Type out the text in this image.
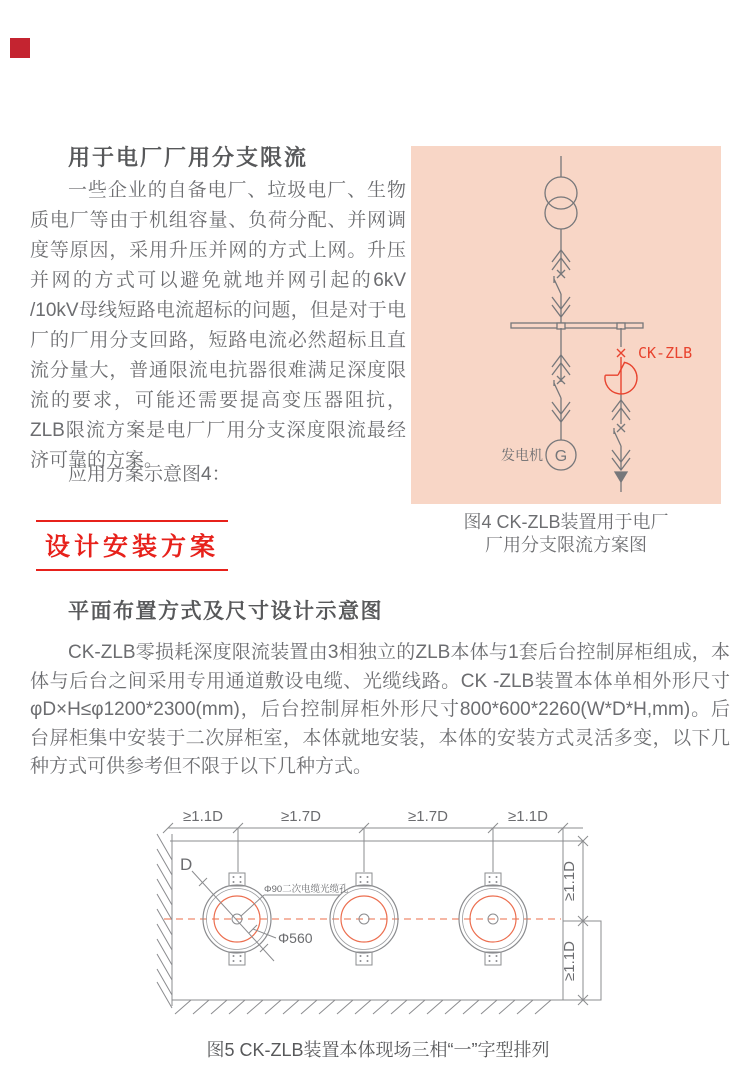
用于电厂厂用分支限流

一些企业的自备电厂、垃圾电厂、生物质电厂等由于机组容量、负荷分配、并网调度等原因，采用升压并网的方式上网。升压并网的方式可以避免就地并网引起的6kV /10kV母线短路电流超标的问题，但是对于电厂的厂用分支回路，短路电流必然超标且直流分量大，普通限流电抗器很难满足深度限流的要求，可能还需要提高变压器阻抗，ZLB限流方案是电厂厂用分支深度限流最经济可靠的方案。

应用方案示意图4：

CK-ZLB
G
发电机
图4 CK-ZLB装置用于电厂
厂用分支限流方案图
设计安装方案
平面布置方式及尺寸设计示意图

CK-ZLB零损耗深度限流装置由3相独立的ZLB本体与1套后台控制屏柜组成，本体与后台之间采用专用通道敷设电缆、光缆线路。CK -ZLB装置本体单相外形尺寸φD×H≤φ1200*2300(mm)，后台控制屏柜外形尺寸800*600*2260(W*D*H,mm)。后台屏柜集中安装于二次屏柜室，本体就地安装，本体的安装方式灵活多变，以下几种方式可供参考但不限于以下几种方式。

D
Φ90二次电缆光缆孔
Φ560
≥1.1D	≥1.7D	≥1.7D	≥1.1D
≥1.1D
≥1.1D
图5 CK-ZLB装置本体现场三相“一”字型排列
